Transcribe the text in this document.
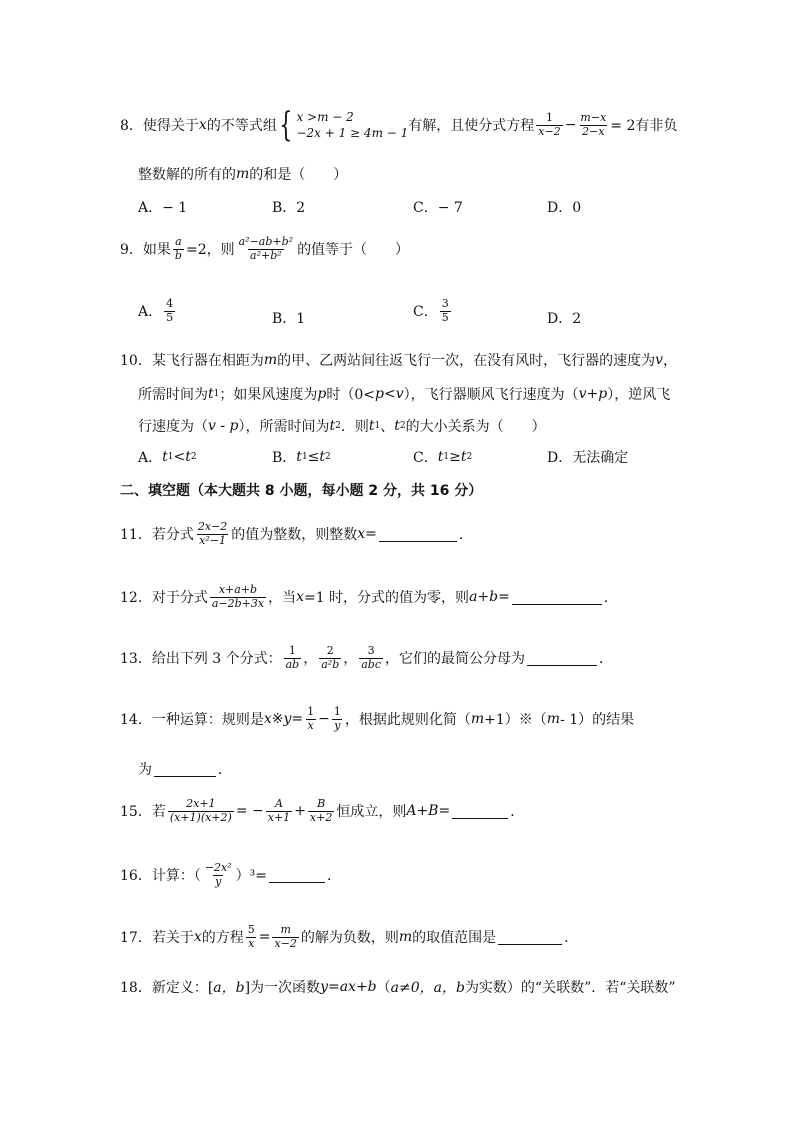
8． 使得关于 x 的不等式组 { x >m − 2
−2x + 1 ≥ 4m − 1 有解，且使分式方程 $\frac{1}{x-2} - \frac{m-x}{2-x} = 2$有非负
整数解的所有的 m 的和是（　　）
A．− 1	B．2	C．− 7	D．0
9． 如果 $\frac{a}{b} =2$，则 $\frac{\text{a²−ab+b²}}{\text{a²+b²}}$ 的值等于（　　）
A． $\frac{4}{5}$	B．1	C． $\frac{3}{5}$	D．2
10．某飞行器在相距为 m 的甲、乙两站间往返飞行一次，在没有风时，飞行器的速度为 v ，
所需时间为 t 1 ；如果风速度为 p 时（0< p < v ），飞行器顺风飞行速度为（ v+p ），逆风飞
行速度为（ v - p ），所需时间为 t 2 ．则 t 1 、 t 2 的大小关系为（　　）
A． t 1 < t 2	B． t 1 ≤ t 2	C． t 1 ≥ t 2	D．无法确定
二、填空题（本大题共 8 小题，每小题 2 分，共 16 分）
11．若分式 $\frac{2x-2}{\text{x²−1}}$ 的值为整数，则整数 x =	．
12．对于分式 $\frac{x+a+b}{a-2b+3x}$ ，当 x =1 时，分式的值为零，则 a+b =	．
13．给出下列 3 个分式： $\frac{1}{ab}$ ， $\frac{2}{\text{a²b}}$ ， $\frac{3}{\text{abc}}$ ，它们的最简公分母为	．
14．一种运算：规则是 x ※ $y = \frac{1}{x} - \frac{1}{y}$ ，根据此规则化简（ m +1）※（ m - 1）的结果
为	．
15．若 $\frac{2x+1}{(x+1)(x+2)}$ = − $\frac{A}{x+1} + \frac{B}{x+2}$ 恒成立，则 A+B =	．
16．计算：（ $\frac{\text{−2x²}}{y} )^3=$	．
17．若关于 x 的方程 $\frac{5}{x} = \frac{m}{x-2}$ 的解为负数，则 m 的取值范围是	．
18．新定义：[ a，b ]为一次函数 y=ax+b （ a≠0，a，b 为实数）的“关联数”．若“关联数”
